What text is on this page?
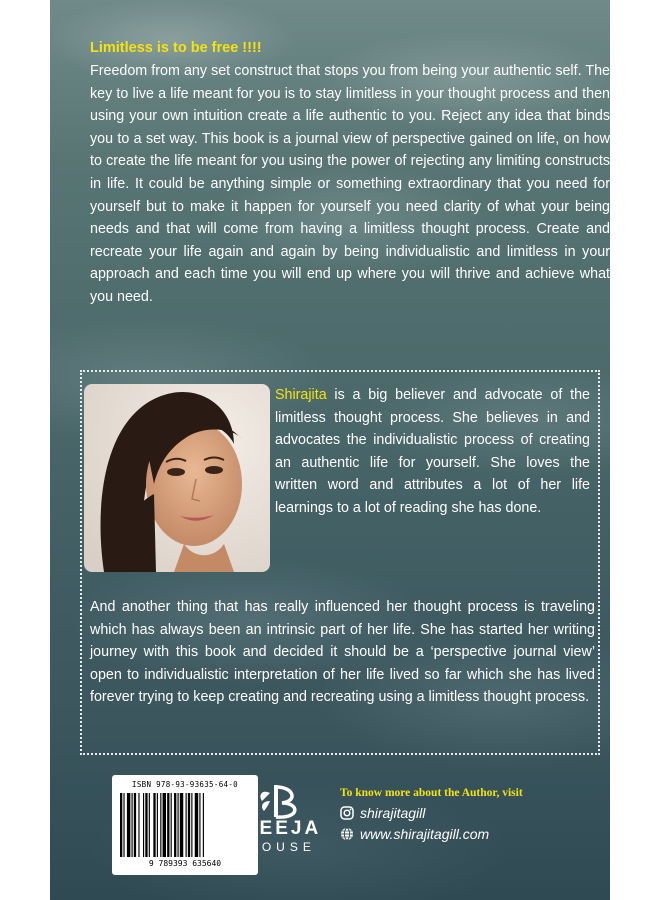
Limitless is to be free !!!!
Freedom from any set construct that stops you from being your authentic self. The key to live a life meant for you is to stay limitless in your thought process and then using your own intuition create a life authentic to you. Reject any idea that binds you to a set way. This book is a journal view of perspective gained on life, on how to create the life meant for you using the power of rejecting any limiting constructs in life. It could be anything simple or something extraordinary that you need for yourself but to make it happen for yourself you need clarity of what your being needs and that will come from having a limitless thought process. Create and recreate your life again and again by being individualistic and limitless in your approach and each time you will end up where you will thrive and achieve what you need.
Shirajita is a big believer and advocate of the limitless thought process. She believes in and advocates the individualistic process of creating an authentic life for yourself. She loves the written word and attributes a lot of her life learnings to a lot of reading she has done.
And another thing that has really influenced her thought process is traveling which has always been an intrinsic part of her life. She has started her writing journey with this book and decided it should be a ‘perspective journal view’ open to individualistic interpretation of her life lived so far which she has lived forever trying to keep creating and recreating using a limitless thought process.
ISBN 978-93-93635-64-0
9 789393 635640
BEEJA
HOUSE
To know more about the Author, visit
shirajitagill
www.shirajitagill.com
